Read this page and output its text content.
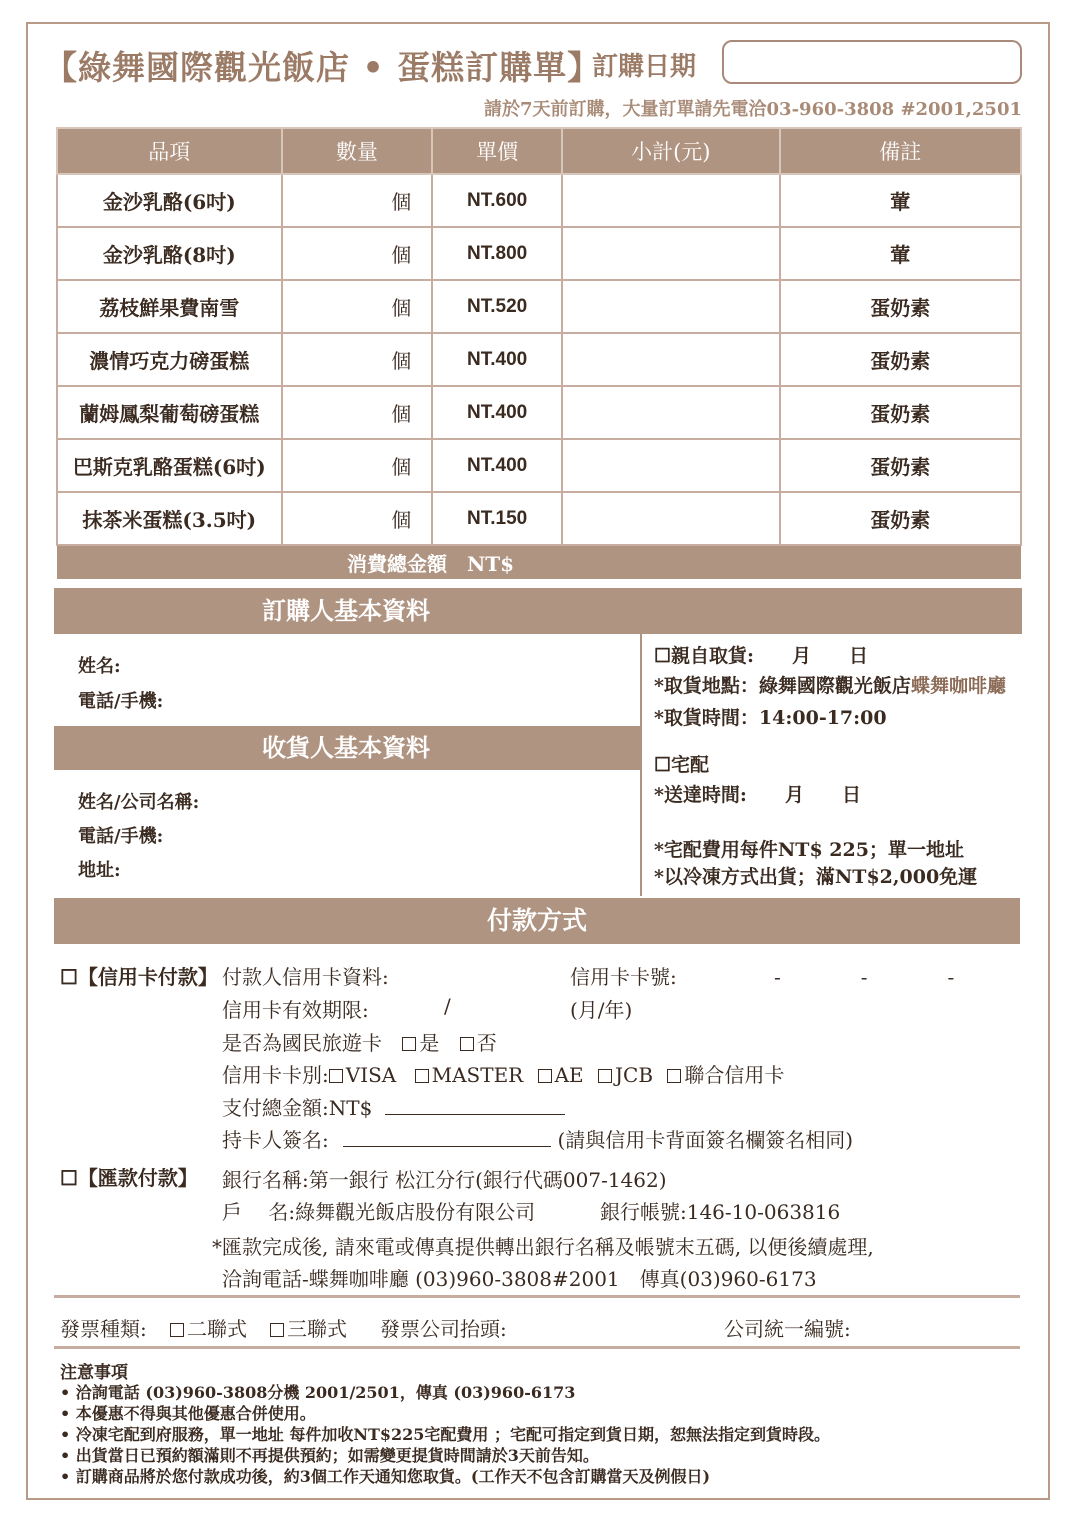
【綠舞國際觀光飯店 • 蛋糕訂購單】
訂購日期
請於7天前訂購，大量訂單請先電洽03-960-3808 #2001,2501
品項	數量	單價	小計(元)	備註
金沙乳酪(6吋)	個	NT.600		葷
金沙乳酪(8吋)	個	NT.800		葷
荔枝鮮果費南雪	個	NT.520		蛋奶素
濃情巧克力磅蛋糕	個	NT.400		蛋奶素
蘭姆鳳梨葡萄磅蛋糕	個	NT.400		蛋奶素
巴斯克乳酪蛋糕(6吋)	個	NT.400		蛋奶素
抹茶米蛋糕(3.5吋)	個	NT.150		蛋奶素
消費總金額　NT$				
訂購人基本資料
姓名:
電話/手機:
收貨人基本資料
姓名/公司名稱:
電話/手機:
地址:
☐親自取貨:　　月　　日
*取貨地點：綠舞國際觀光飯店蝶舞咖啡廳
*取貨時間：14:00-17:00
☐宅配
*送達時間:　　月　　日
*宅配費用每件NT$ 225；單一地址
*以冷凍方式出貨；滿NT$2,000免運
付款方式
☐【信用卡付款】 付款人信用卡資料:	信用卡卡號:	-　　　　-　　　　-
信用卡有效期限:	/	(月/年)
是否為國民旅遊卡 是 否
信用卡卡別: VISA MASTER AE JCB 聯合信用卡
支付總金額:NT$
持卡人簽名:	(請與信用卡背面簽名欄簽名相同)
☐【匯款付款】 銀行名稱:第一銀行 松江分行(銀行代碼007-1462)
戶　 名:綠舞觀光飯店股份有限公司	銀行帳號:146-10-063816
*匯款完成後, 請來電或傳真提供轉出銀行名稱及帳號末五碼, 以便後續處理,
洽詢電話-蝶舞咖啡廳 (03)960-3808#2001　傳真(03)960-6173
發票種類:	二聯式	三聯式 發票公司抬頭:	公司統一編號:
注意事項
• 洽詢電話 (03)960-3808分機 2001/2501，傳真 (03)960-6173
• 本優惠不得與其他優惠合併使用。
• 冷凍宅配到府服務，單一地址 每件加收NT$225宅配費用 ；宅配可指定到貨日期，恕無法指定到貨時段。
• 出貨當日已預約額滿則不再提供預約；如需變更提貨時間請於3天前告知。
• 訂購商品將於您付款成功後，約3個工作天通知您取貨。(工作天不包含訂購當天及例假日)
